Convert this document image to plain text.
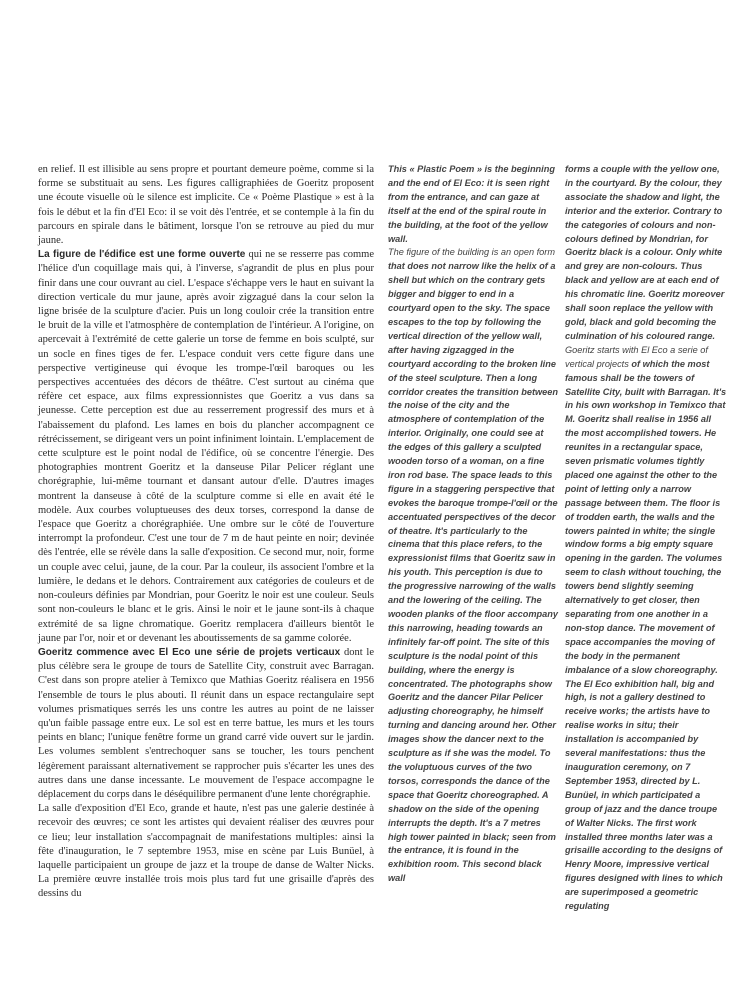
en relief. Il est illisible au sens propre et pourtant demeure poème, comme si la forme se substituait au sens. Les figures calligraphiées de Goeritz proposent une écoute visuelle où le silence est implicite. Ce « Poème Plastique » est à la fois le début et la fin d'El Eco: il se voit dès l'entrée, et se contemple à la fin du parcours en spirale dans le bâtiment, lorsque l'on se retrouve au pied du mur jaune.

La figure de l'édifice est une forme ouverte qui ne se resserre pas comme l'hélice d'un coquillage mais qui, à l'inverse, s'agrandit de plus en plus pour finir dans une cour ouvrant au ciel. L'espace s'échappe vers le haut en suivant la direction verticale du mur jaune, après avoir zigzagué dans la cour selon la ligne brisée de la sculpture d'acier. Puis un long couloir crée la transition entre le bruit de la ville et l'atmosphère de contemplation de l'intérieur. A l'origine, on apercevait à l'extrémité de cette galerie un torse de femme en bois sculpté, sur un socle en fines tiges de fer. L'espace conduit vers cette figure dans une perspective vertigineuse qui évoque les trompe-l'œil baroques ou les perspectives accentuées des décors de théâtre. C'est surtout au cinéma que réfère cet espace, aux films expressionnistes que Goeritz a vus dans sa jeunesse. Cette perception est due au resserrement progressif des murs et à l'abaissement du plafond. Les lames en bois du plancher accompagnent ce rétrécissement, se dirigeant vers un point infiniment lointain. L'emplacement de cette sculpture est le point nodal de l'édifice, où se concentre l'énergie. Des photographies montrent Goeritz et la danseuse Pilar Pelicer réglant une chorégraphie, lui-même tournant et dansant autour d'elle. D'autres images montrent la danseuse à côté de la sculpture comme si elle en avait été le modèle. Aux courbes voluptueuses des deux torses, correspond la danse de l'espace que Goeritz a chorégraphiée. Une ombre sur le côté de l'ouverture interrompt la profondeur. C'est une tour de 7 m de haut peinte en noir; devinée dès l'entrée, elle se révèle dans la salle d'exposition. Ce second mur, noir, forme un couple avec celui, jaune, de la cour. Par la couleur, ils associent l'ombre et la lumière, le dedans et le dehors. Contrairement aux catégories de couleurs et de non-couleurs définies par Mondrian, pour Goeritz le noir est une couleur. Seuls sont non-couleurs le blanc et le gris. Ainsi le noir et le jaune sont-ils à chaque extrémité de sa ligne chromatique. Goeritz remplacera d'ailleurs bientôt le jaune par l'or, noir et or devenant les aboutissements de sa gamme colorée.

Goeritz commence avec El Eco une série de projets verticaux dont le plus célèbre sera le groupe de tours de Satellite City, construit avec Barragan. C'est dans son propre atelier à Temixco que Mathias Goeritz réalisera en 1956 l'ensemble de tours le plus abouti. Il réunit dans un espace rectangulaire sept volumes prismatiques serrés les uns contre les autres au point de ne laisser qu'un faible passage entre eux. Le sol est en terre battue, les murs et les tours peints en blanc; l'unique fenêtre forme un grand carré vide ouvert sur le jardin. Les volumes semblent s'entrechoquer sans se toucher, les tours penchent légèrement paraissant alternativement se rapprocher puis s'écarter les unes des autres dans une danse incessante. Le mouvement de l'espace accompagne le déplacement du corps dans le déséquilibre permanent d'une lente chorégraphie.

La salle d'exposition d'El Eco, grande et haute, n'est pas une galerie destinée à recevoir des œuvres; ce sont les artistes qui devaient réaliser des œuvres pour ce lieu; leur installation s'accompagnait de manifestations multiples: ainsi la fête d'inauguration, le 7 septembre 1953, mise en scène par Luis Bunüel, à laquelle participaient un groupe de jazz et la troupe de danse de Walter Nicks. La première œuvre installée trois mois plus tard fut une grisaille d'après des dessins du

This « Plastic Poem » is the beginning and the end of El Eco: it is seen right from the entrance, and can gaze at itself at the end of the spiral route in the building, at the foot of the yellow wall.

The figure of the building is an open form that does not narrow like the helix of a shell but which on the contrary gets bigger and bigger to end in a courtyard open to the sky. The space escapes to the top by following the vertical direction of the yellow wall, after having zigzagged in the courtyard according to the broken line of the steel sculpture. Then a long corridor creates the transition between the noise of the city and the atmosphere of contemplation of the interior. Originally, one could see at the edges of this gallery a sculpted wooden torso of a woman, on a fine iron rod base. The space leads to this figure in a staggering perspective that evokes the baroque trompe-l'œil or the accentuated perspectives of the decor of theatre. It's particularly to the cinema that this place refers, to the expressionist films that Goeritz saw in his youth. This perception is due to the progressive narrowing of the walls and the lowering of the ceiling. The wooden planks of the floor accompany this narrowing, heading towards an infinitely far-off point. The site of this sculpture is the nodal point of this building, where the energy is concentrated. The photographs show Goeritz and the dancer Pilar Pelicer adjusting choreography, he himself turning and dancing around her. Other images show the dancer next to the sculpture as if she was the model. To the voluptuous curves of the two torsos, corresponds the dance of the space that Goeritz choreographed. A shadow on the side of the opening interrupts the depth. It's a 7 metres high tower painted in black; seen from the entrance, it is found in the exhibition room. This second black wall

forms a couple with the yellow one, in the courtyard. By the colour, they associate the shadow and light, the interior and the exterior. Contrary to the categories of colours and non-colours defined by Mondrian, for Goeritz black is a colour. Only white and grey are non-colours. Thus black and yellow are at each end of his chromatic line. Goeritz moreover shall soon replace the yellow with gold, black and gold becoming the culmination of his coloured range.

Goeritz starts with El Eco a serie of vertical projects of which the most famous shall be the towers of Satellite City, built with Barragan. It's in his own workshop in Temixco that M. Goeritz shall realise in 1956 all the most accomplished towers. He reunites in a rectangular space, seven prismatic volumes tightly placed one against the other to the point of letting only a narrow passage between them. The floor is of trodden earth, the walls and the towers painted in white; the single window forms a big empty square opening in the garden. The volumes seem to clash without touching, the towers bend slightly seeming alternatively to get closer, then separating from one another in a non-stop dance. The movement of space accompanies the moving of the body in the permanent imbalance of a slow choreography.

The El Eco exhibition hall, big and high, is not a gallery destined to receive works; the artists have to realise works in situ; their installation is accompanied by several manifestations: thus the inauguration ceremony, on 7 September 1953, directed by L. Bunüel, in which participated a group of jazz and the dance troupe of Walter Nicks. The first work installed three months later was a grisaille according to the designs of Henry Moore, impressive vertical figures designed with lines to which are superimposed a geometric regulating
